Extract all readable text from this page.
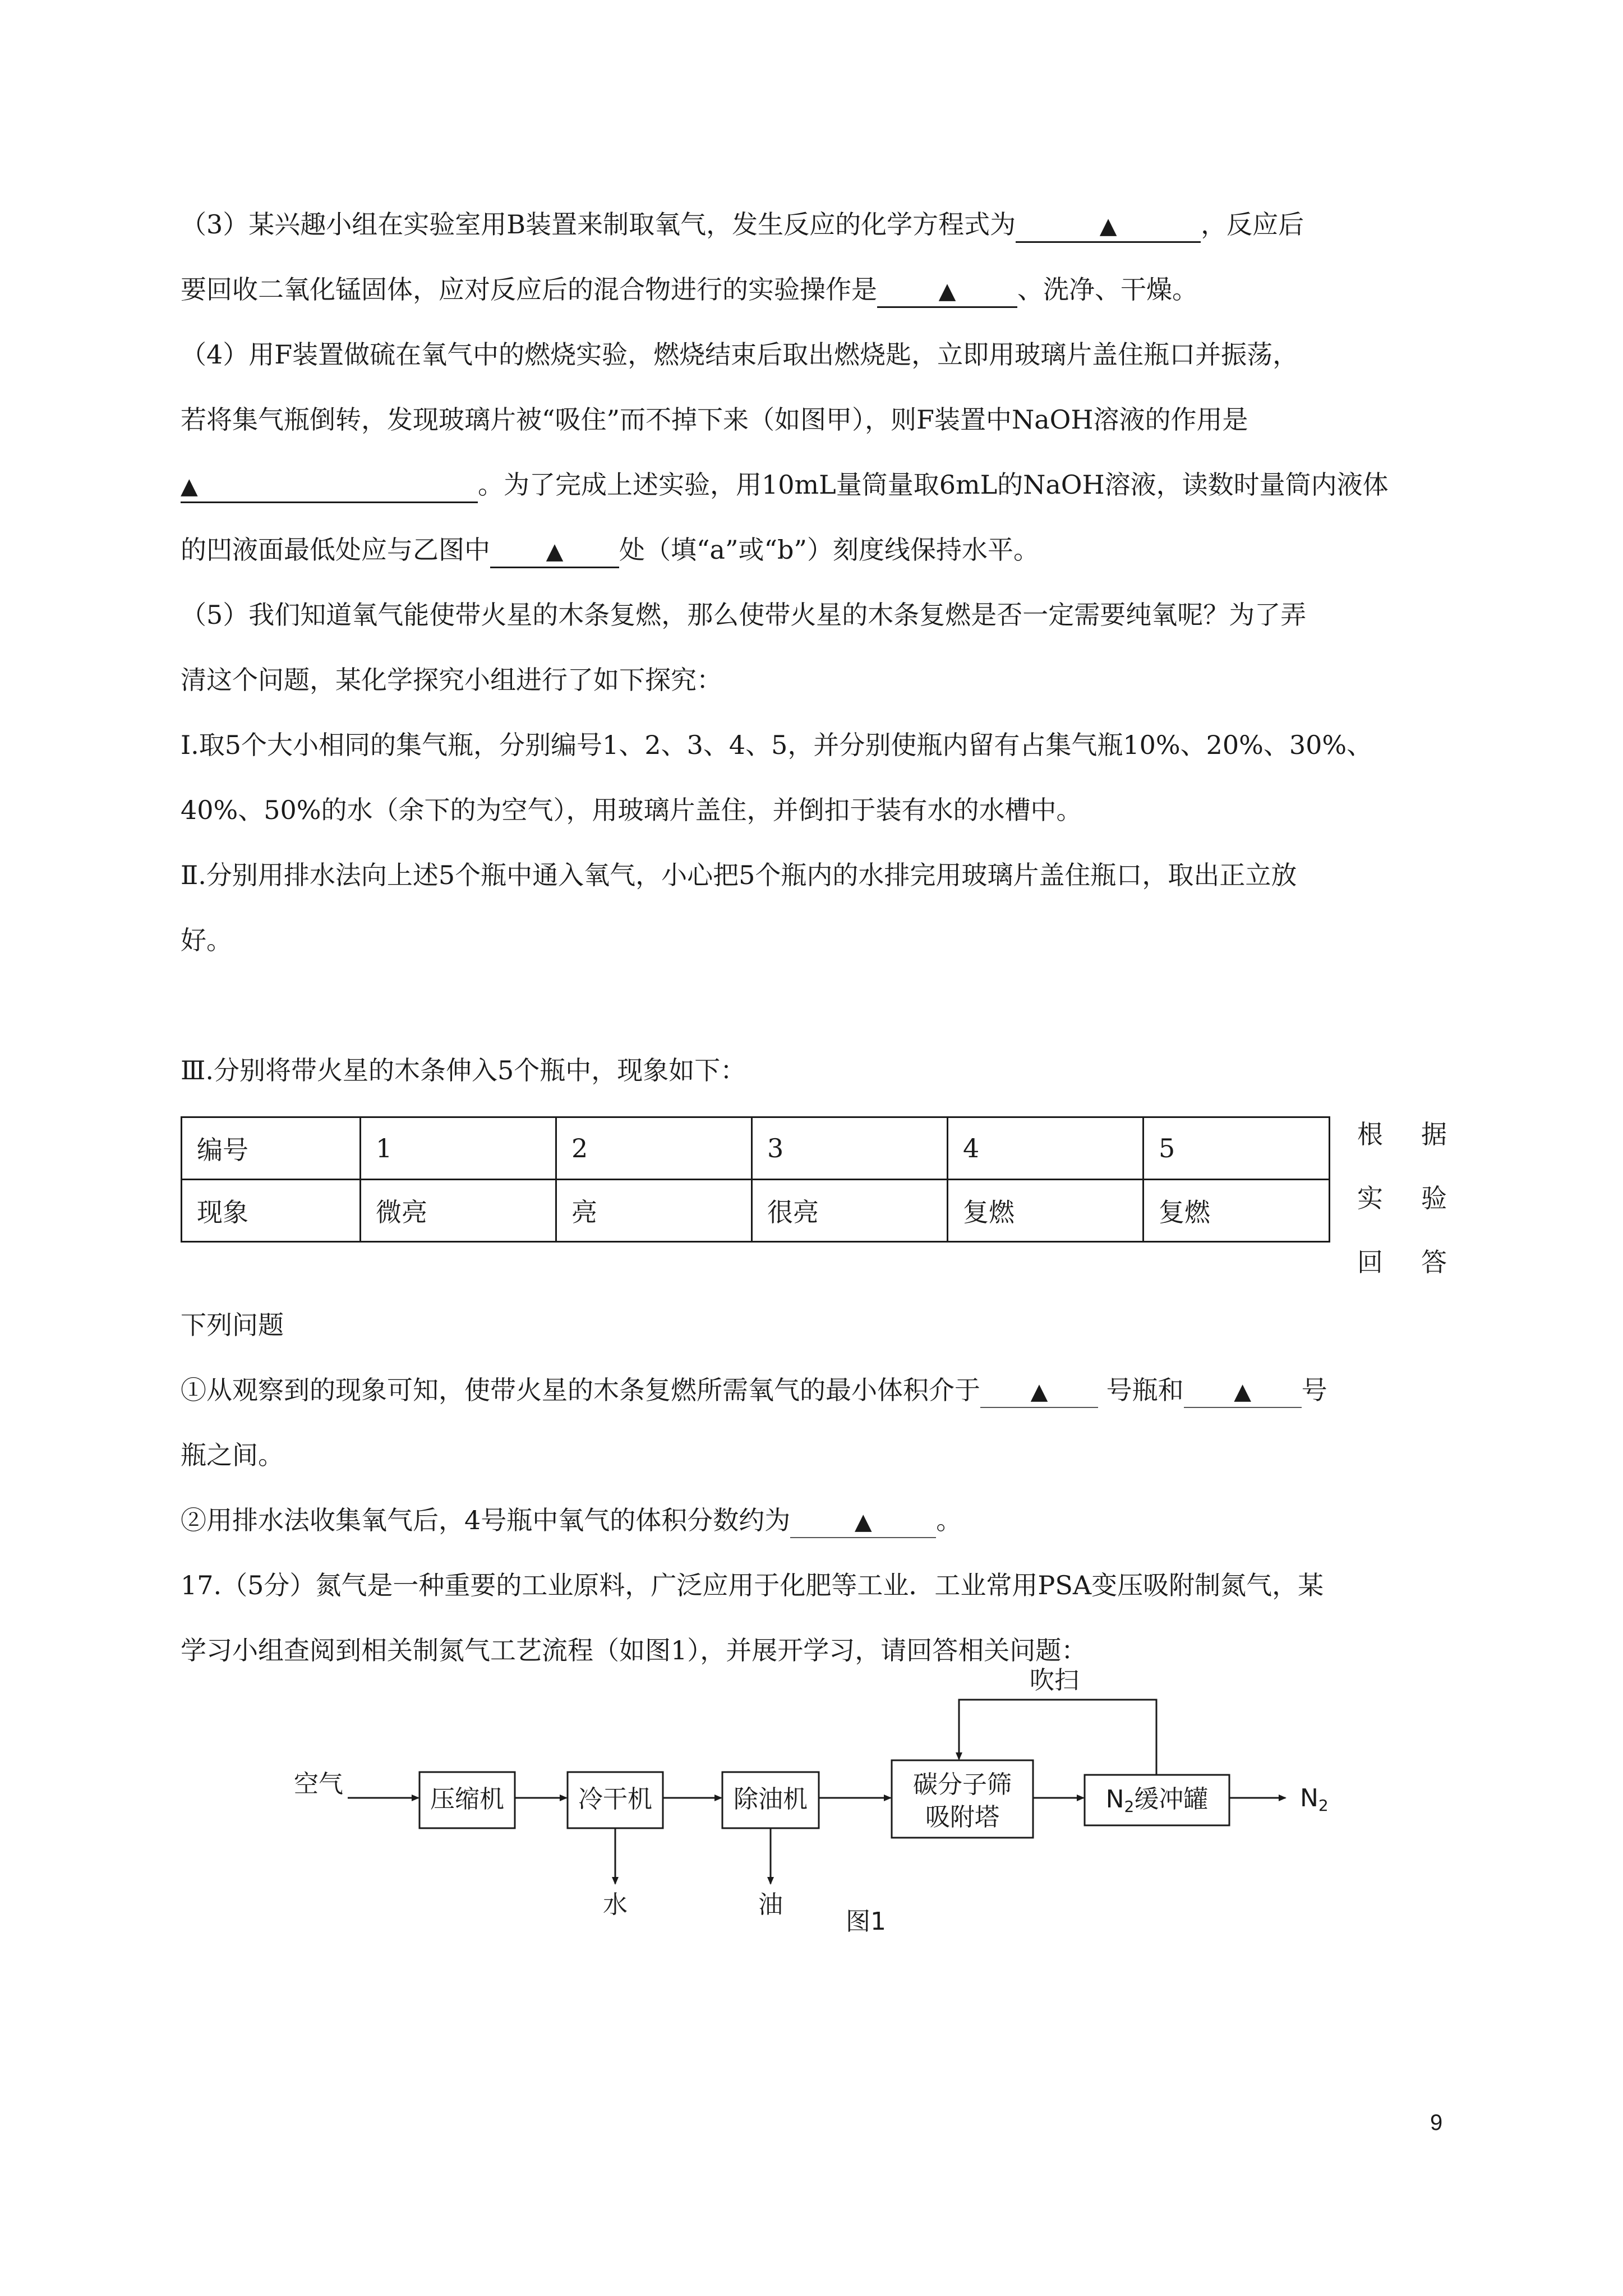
（3）某兴趣小组在实验室用B装置来制取氧气，发生反应的化学方程式为	▲	，反应后
要回收二氧化锰固体，应对反应后的混合物进行的实验操作是	▲ 、洗净、干燥。
（4）用F装置做硫在氧气中的燃烧实验，燃烧结束后取出燃烧匙，立即用玻璃片盖住瓶口并振荡，
若将集气瓶倒转，发现玻璃片被“吸住”而不掉下来（如图甲），则F装置中NaOH溶液的作用是
▲	。为了完成上述实验，用10mL量筒量取6mL的NaOH溶液，读数时量筒内液体
的凹液面最低处应与乙图中 ▲ 处（填“a”或“b”）刻度线保持水平。
（5）我们知道氧气能使带火星的木条复燃，那么使带火星的木条复燃是否一定需要纯氧呢？为了弄
清这个问题，某化学探究小组进行了如下探究：
Ⅰ.取5个大小相同的集气瓶，分别编号1、2、3、4、5，并分别使瓶内留有占集气瓶10%、20%、30%、
40%、50%的水（余下的为空气），用玻璃片盖住，并倒扣于装有水的水槽中。
Ⅱ.分别用排水法向上述5个瓶中通入氧气，小心把5个瓶内的水排完用玻璃片盖住瓶口，取出正立放
好。
Ⅲ.分别将带火星的木条伸入5个瓶中，现象如下：
编号	1	2	3	4	5
现象	微亮	亮	很亮	复燃	复燃
根 据
实 验
回 答
下列问题
①从观察到的现象可知，使带火星的木条复燃所需氧气的最小体积介于 ▲ 号瓶和 ▲ 号
瓶之间。
②用排水法收集氧气后，4号瓶中氧气的体积分数约为	▲ 。
17.（5分）氮气是一种重要的工业原料，广泛应用于化肥等工业．工业常用PSA变压吸附制氮气，某
学习小组查阅到相关制氮气工艺流程（如图1），并展开学习，请回答相关问题：
空气
压缩机	冷干机	除油机
碳分子筛
吸附塔
N2缓冲罐	N2
吹扫
水	油
图1
9
